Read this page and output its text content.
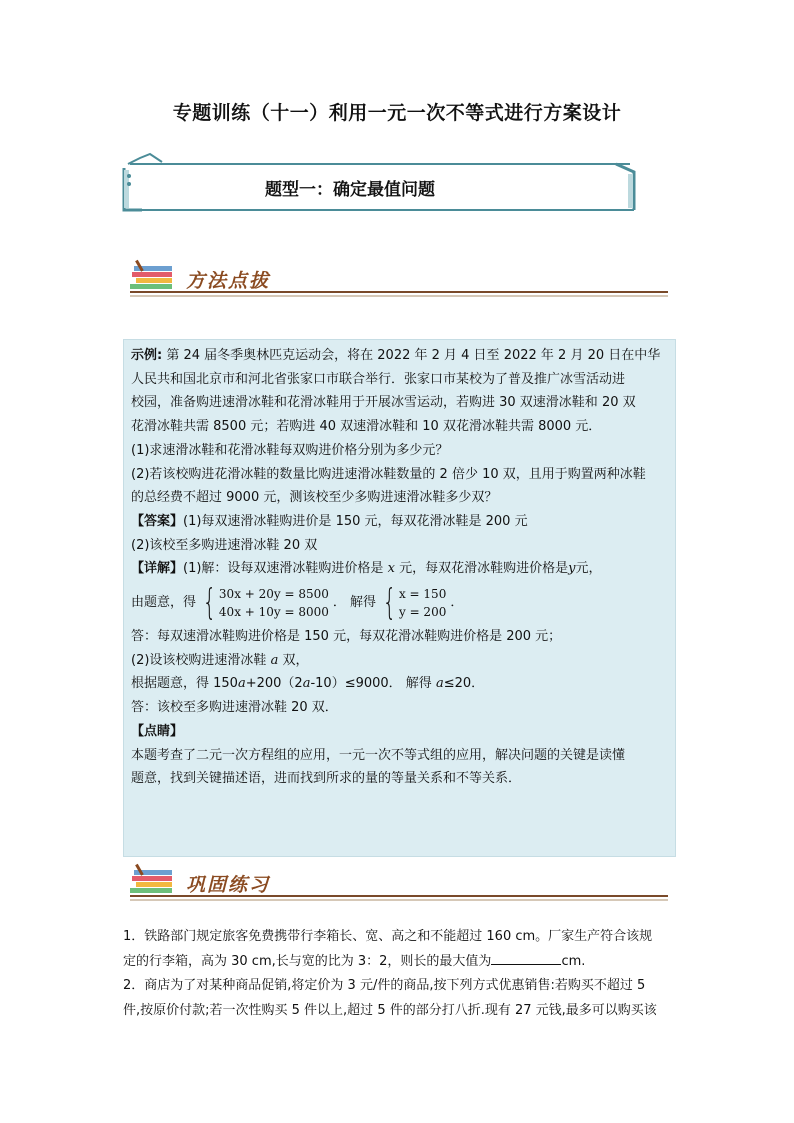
专题训练（十一）利用一元一次不等式进行方案设计
题型一：确定最值问题
方法点拔

示例: 第 24 届冬季奥林匹克运动会，将在 2022 年 2 月 4 日至 2022 年 2 月 20 日在中华

人民共和国北京市和河北省张家口市联合举行．张家口市某校为了普及推广冰雪活动进

校园，准备购进速滑冰鞋和花滑冰鞋用于开展冰雪运动，若购进 30 双速滑冰鞋和 20 双

花滑冰鞋共需 8500 元；若购进 40 双速滑冰鞋和 10 双花滑冰鞋共需 8000 元．

(1)求速滑冰鞋和花滑冰鞋每双购进价格分别为多少元？

(2)若该校购进花滑冰鞋的数量比购进速滑冰鞋数量的 2 倍少 10 双，且用于购置两种冰鞋

的总经费不超过 9000 元，测该校至少多购进速滑冰鞋多少双？

【答案】(1)每双速滑冰鞋购进价是 150 元，每双花滑冰鞋是 200 元

(2)该校至多购进速滑冰鞋 20 双

【详解】(1)解：设每双速滑冰鞋购进价格是 x 元，每双花滑冰鞋购进价格是y元，

由题意，得 { 30x + 20y = 8500
40x + 10y = 8000
． 解得 { x = 150
y = 200
．

答：每双速滑冰鞋购进价格是 150 元，每双花滑冰鞋购进价格是 200 元；

(2)设该校购进速滑冰鞋 a 双，

根据题意，得 150a+200（2a-10）≤9000． 解得 a≤20．

答：该校至多购进速滑冰鞋 20 双．

【点睛】

本题考查了二元一次方程组的应用，一元一次不等式组的应用，解决问题的关键是读懂

题意，找到关键描述语，进而找到所求的量的等量关系和不等关系．

巩固练习

1．铁路部门规定旅客免费携带行李箱长、宽、高之和不能超过 160 cm。厂家生产符合该规

定的行李箱，高为 30 cm,长与宽的比为 3：2，则长的最大值为	cm.

2．商店为了对某种商品促销,将定价为 3 元/件的商品,按下列方式优惠销售:若购买不超过 5

件,按原价付款;若一次性购买 5 件以上,超过 5 件的部分打八折.现有 27 元钱,最多可以购买该
